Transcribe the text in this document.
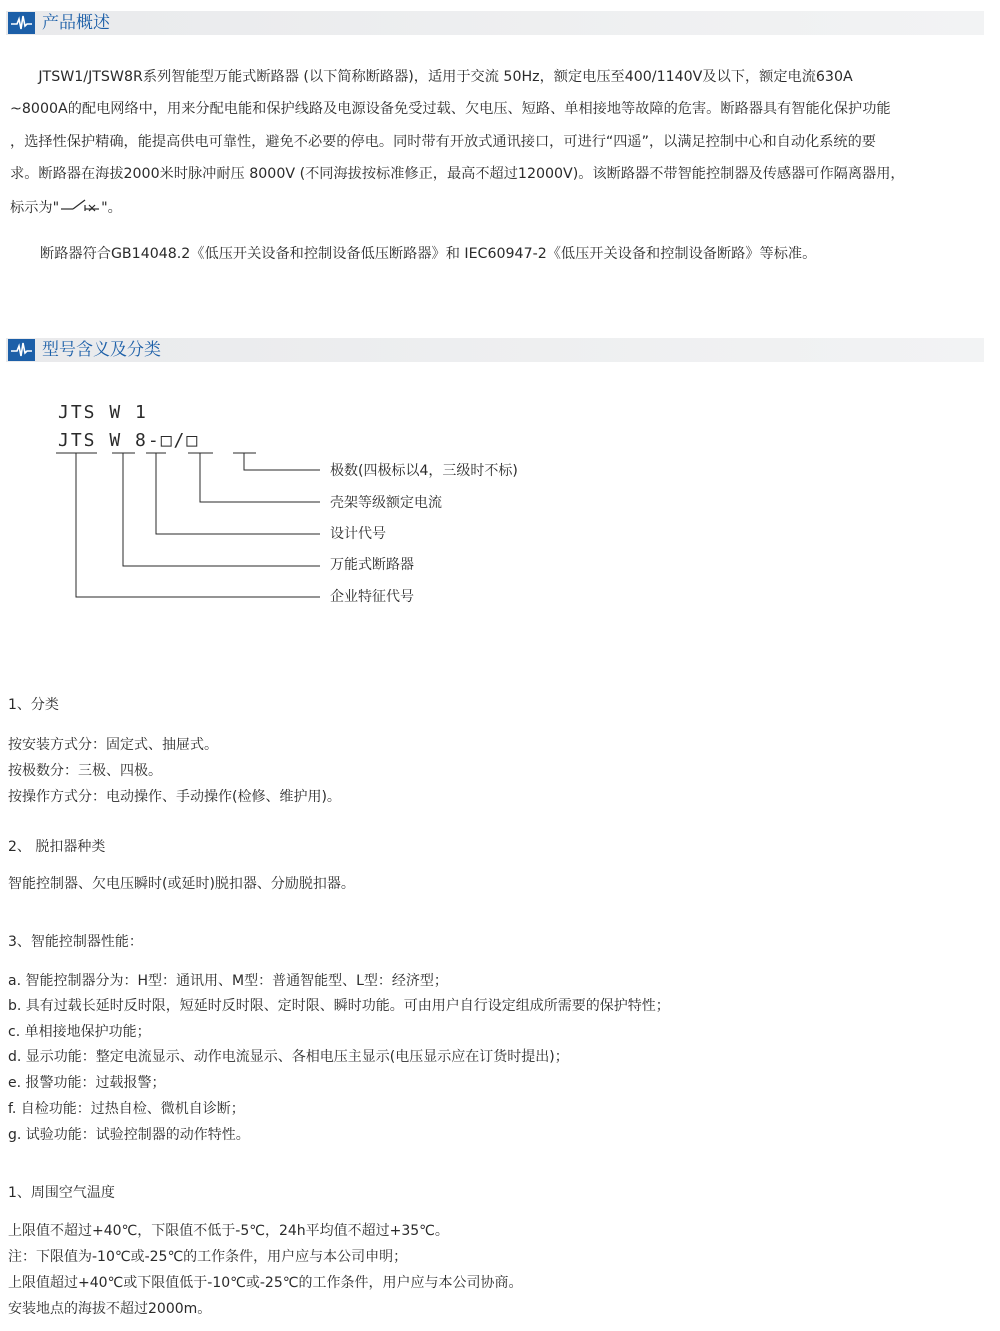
产品概述

　　JTSW1/JTSW8R系列智能型万能式断路器 (以下简称断路器)，适用于交流 50Hz，额定电压至400/1140V及以下，额定电流630A

~8000A的配电网络中，用来分配电能和保护线路及电源设备免受过载、欠电压、短路、单相接地等故障的危害。断路器具有智能化保护功能

，选择性保护精确，能提高供电可靠性，避免不必要的停电。同时带有开放式通讯接口，可进行“四遥”，以满足控制中心和自动化系统的要

求。断路器在海拔2000米时脉冲耐压 8000V (不同海拔按标准修正，最高不超过12000V)。该断路器不带智能控制器及传感器可作隔离器用，

标示为"	"。

断路器符合GB14048.2《低压开关设备和控制设备低压断路器》和 IEC60947-2《低压开关设备和控制设备断路》等标准。

型号含义及分类
JTS W 1
JTS W 8-□/□
极数(四极标以4，三级时不标)
壳架等级额定电流
设计代号
万能式断路器
企业特征代号

1、分类

按安装方式分：固定式、抽屉式。

按极数分：三极、四极。

按操作方式分：电动操作、手动操作(检修、维护用)。

2、 脱扣器种类

智能控制器、欠电压瞬时(或延时)脱扣器、分励脱扣器。

3、智能控制器性能：

a. 智能控制器分为：H型：通讯用、M型：普通智能型、L型：经济型；

b. 具有过载长延时反时限，短延时反时限、定时限、瞬时功能。可由用户自行设定组成所需要的保护特性；

c. 单相接地保护功能；

d. 显示功能：整定电流显示、动作电流显示、各相电压主显示(电压显示应在订货时提出)；

e. 报警功能：过载报警；

f. 自检功能：过热自检、微机自诊断；

g. 试验功能：试验控制器的动作特性。

1、周围空气温度

上限值不超过+40℃，下限值不低于-5℃，24h平均值不超过+35℃。

注：下限值为-10℃或-25℃的工作条件，用户应与本公司申明；

上限值超过+40℃或下限值低于-10℃或-25℃的工作条件，用户应与本公司协商。

安装地点的海拔不超过2000m。
